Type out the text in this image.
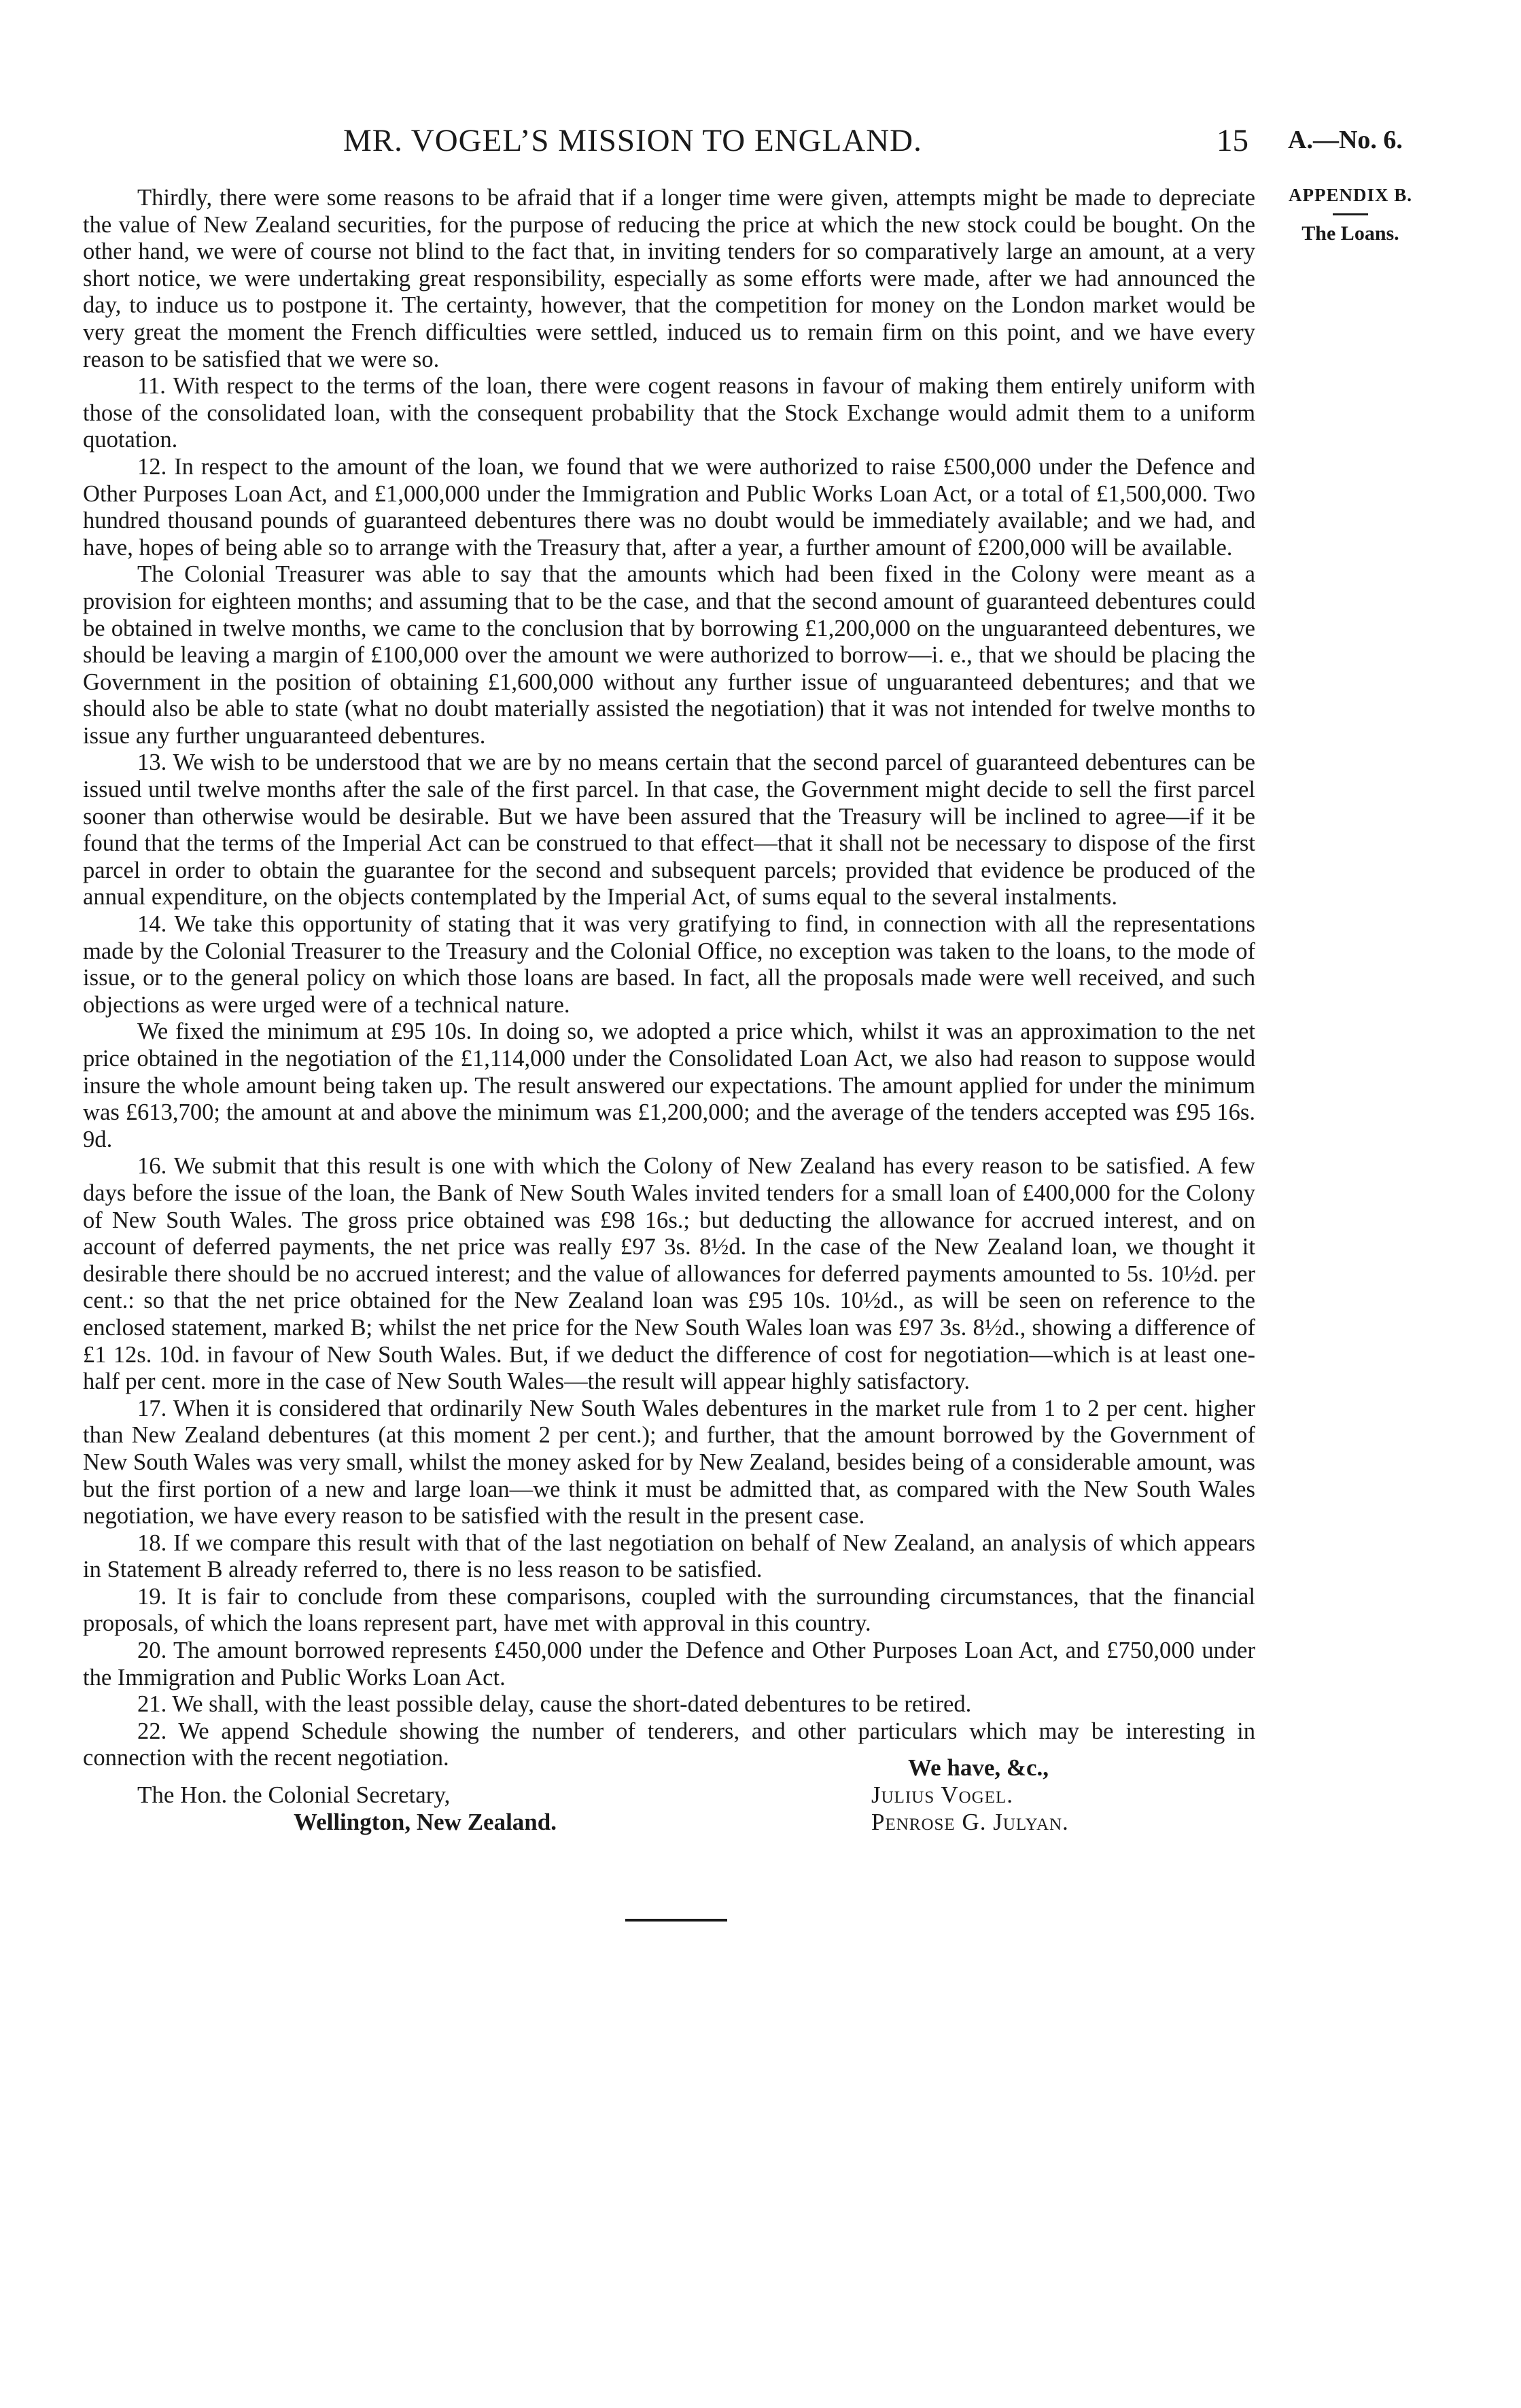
MR. VOGEL’S MISSION TO ENGLAND.	15 A.—No. 6.
APPENDIX B.
The Loans.

Thirdly, there were some reasons to be afraid that if a longer time were given, attempts might be made to depreciate the value of New Zealand securities, for the purpose of reducing the price at which the new stock could be bought. On the other hand, we were of course not blind to the fact that, in inviting tenders for so comparatively large an amount, at a very short notice, we were undertaking great responsibility, especially as some efforts were made, after we had announced the day, to induce us to postpone it. The certainty, however, that the competition for money on the London market would be very great the moment the French difficulties were settled, induced us to remain firm on this point, and we have every reason to be satisfied that we were so.

11. With respect to the terms of the loan, there were cogent reasons in favour of making them entirely uniform with those of the consolidated loan, with the consequent probability that the Stock Exchange would admit them to a uniform quotation.

12. In respect to the amount of the loan, we found that we were authorized to raise £500,000 under the Defence and Other Purposes Loan Act, and £1,000,000 under the Immigration and Public Works Loan Act, or a total of £1,500,000. Two hundred thousand pounds of guaranteed debentures there was no doubt would be immediately available; and we had, and have, hopes of being able so to arrange with the Treasury that, after a year, a further amount of £200,000 will be available.

The Colonial Treasurer was able to say that the amounts which had been fixed in the Colony were meant as a provision for eighteen months; and assuming that to be the case, and that the second amount of guaranteed debentures could be obtained in twelve months, we came to the conclusion that by borrowing £1,200,000 on the unguaranteed debentures, we should be leaving a margin of £100,000 over the amount we were authorized to borrow—i. e., that we should be placing the Government in the position of obtaining £1,600,000 without any further issue of unguaranteed debentures; and that we should also be able to state (what no doubt materially assisted the negotiation) that it was not intended for twelve months to issue any further unguaranteed debentures.

13. We wish to be understood that we are by no means certain that the second parcel of guaranteed debentures can be issued until twelve months after the sale of the first parcel. In that case, the Government might decide to sell the first parcel sooner than otherwise would be desirable. But we have been assured that the Treasury will be inclined to agree—if it be found that the terms of the Imperial Act can be construed to that effect—that it shall not be necessary to dispose of the first parcel in order to obtain the guarantee for the second and subsequent parcels; provided that evidence be produced of the annual expenditure, on the objects contemplated by the Imperial Act, of sums equal to the several instalments.

14. We take this opportunity of stating that it was very gratifying to find, in connection with all the representations made by the Colonial Treasurer to the Treasury and the Colonial Office, no exception was taken to the loans, to the mode of issue, or to the general policy on which those loans are based. In fact, all the proposals made were well received, and such objections as were urged were of a technical nature.

We fixed the minimum at £95 10s. In doing so, we adopted a price which, whilst it was an approximation to the net price obtained in the negotiation of the £1,114,000 under the Consolidated Loan Act, we also had reason to suppose would insure the whole amount being taken up. The result answered our expectations. The amount applied for under the minimum was £613,700; the amount at and above the minimum was £1,200,000; and the average of the tenders accepted was £95 16s. 9d.

16. We submit that this result is one with which the Colony of New Zealand has every reason to be satisfied. A few days before the issue of the loan, the Bank of New South Wales invited tenders for a small loan of £400,000 for the Colony of New South Wales. The gross price obtained was £98 16s.; but deducting the allowance for accrued interest, and on account of deferred payments, the net price was really £97 3s. 8½d. In the case of the New Zealand loan, we thought it desirable there should be no accrued interest; and the value of allowances for deferred payments amounted to 5s. 10½d. per cent.: so that the net price obtained for the New Zealand loan was £95 10s. 10½d., as will be seen on reference to the enclosed statement, marked B; whilst the net price for the New South Wales loan was £97 3s. 8½d., showing a difference of £1 12s. 10d. in favour of New South Wales. But, if we deduct the difference of cost for negotiation—which is at least one-half per cent. more in the case of New South Wales—the result will appear highly satisfactory.

17. When it is considered that ordinarily New South Wales debentures in the market rule from 1 to 2 per cent. higher than New Zealand debentures (at this moment 2 per cent.); and further, that the amount borrowed by the Government of New South Wales was very small, whilst the money asked for by New Zealand, besides being of a considerable amount, was but the first portion of a new and large loan—we think it must be admitted that, as compared with the New South Wales negotiation, we have every reason to be satisfied with the result in the present case.

18. If we compare this result with that of the last negotiation on behalf of New Zealand, an analysis of which appears in Statement B already referred to, there is no less reason to be satisfied.

19. It is fair to conclude from these comparisons, coupled with the surrounding circumstances, that the financial proposals, of which the loans represent part, have met with approval in this country.

20. The amount borrowed represents £450,000 under the Defence and Other Purposes Loan Act, and £750,000 under the Immigration and Public Works Loan Act.

21. We shall, with the least possible delay, cause the short-dated debentures to be retired.

22. We append Schedule showing the number of tenderers, and other particulars which may be interesting in connection with the recent negotiation.	We have, &c.,
Julius Vogel.
Penrose G. Julyan.
The Hon. the Colonial Secretary,
Wellington, New Zealand.
